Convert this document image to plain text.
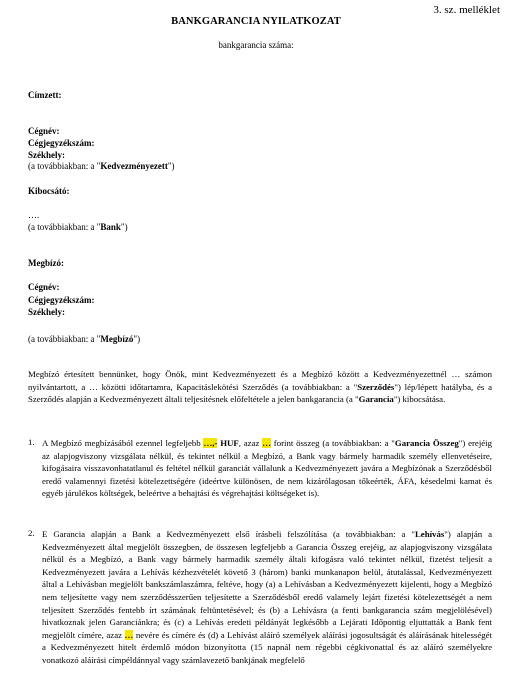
3. sz. melléklet
BANKGARANCIA NYILATKOZAT
bankgarancia száma:
Címzett:
Cégnév:
Cégjegyzékszám:
Székhely:
(a továbbiakban: a "Kedvezményezett")
Kibocsátó:
….
(a továbbiakban: a "Bank")
Megbízó:
Cégnév:
Cégjegyzékszám:
Székhely:
(a továbbiakban: a "Megbízó")
Megbízó értesített bennünket, hogy Önök, mint Kedvezményezett és a Megbízó között a Kedvezményezettnél … számon nyilvántartott, a … közötti időtartamra, Kapacitáslekötési Szerződés (a továbbiakban: a "Szerződés") lép/lépett hatályba, és a Szerződés alapján a Kedvezményezett általi teljesítésnek előfeltétele a jelen bankgarancia (a "Garancia") kibocsátása.
1. A Megbízó megbízásából ezennel legfeljebb …,- HUF, azaz … forint összeg (a továbbiakban: a "Garancia Összeg") erejéig az alapjogviszony vizsgálata nélkül, és tekintet nélkül a Megbízó, a Bank vagy bármely harmadik személy ellenvetéseire, kifogásaira visszavonhatatlanul és feltétel nélkül garanciát vállalunk a Kedvezményezett javára a Megbízónak a Szerződésből eredő valamennyi fizetési kötelezettségére (ideértve különösen, de nem kizárólagosan tőkeérték, ÁFA, késedelmi kamat és egyéb járulékos költségek, beleértve a behajtási és végrehajtási költségeket is).
2. E Garancia alapján a Bank a Kedvezményezett első írásbeli felszólítása (a továbbiakban: a "Lehívás") alapján a Kedvezményezett által megjelölt összegben, de összesen legfeljebb a Garancia Összeg erejéig, az alapjogviszony vizsgálata nélkül és a Megbízó, a Bank vagy bármely harmadik személy általi kifogásra való tekintet nélkül, fizetést teljesít a Kedvezményezett javára a Lehívás kézhezvételét követő 3 (három) banki munkanapon belül, átutalással, Kedvezményezett által a Lehívásban megjelölt bankszámlaszámra, feltéve, hogy (a) a Lehívásban a Kedvezményezett kijelenti, hogy a Megbízó nem teljesítette vagy nem szerződésszerűen teljesítette a Szerződésből eredő valamely lejárt fizetési kötelezettségét a nem teljesített Szerződés fentebb írt számának feltüntetésével; és (b) a Lehívásra (a fenti bankgarancia szám megjelölésével) hivatkoznak jelen Garanciánkra; és (c) a Lehívás eredeti példányát legkésőbb a Lejárati Időpontig eljuttatták a Bank fent megjelölt címére, azaz … nevére és címére és (d) a Lehívást aláíró személyek aláírási jogosultságát és aláírásának hitelességét a Kedvezményezett hitelt érdemlő módon bizonyította (15 napnál nem régebbi cégkivonattal és az aláíró személyekre vonatkozó aláírási címpéldánnyal vagy számlavezető bankjának megfelelő
